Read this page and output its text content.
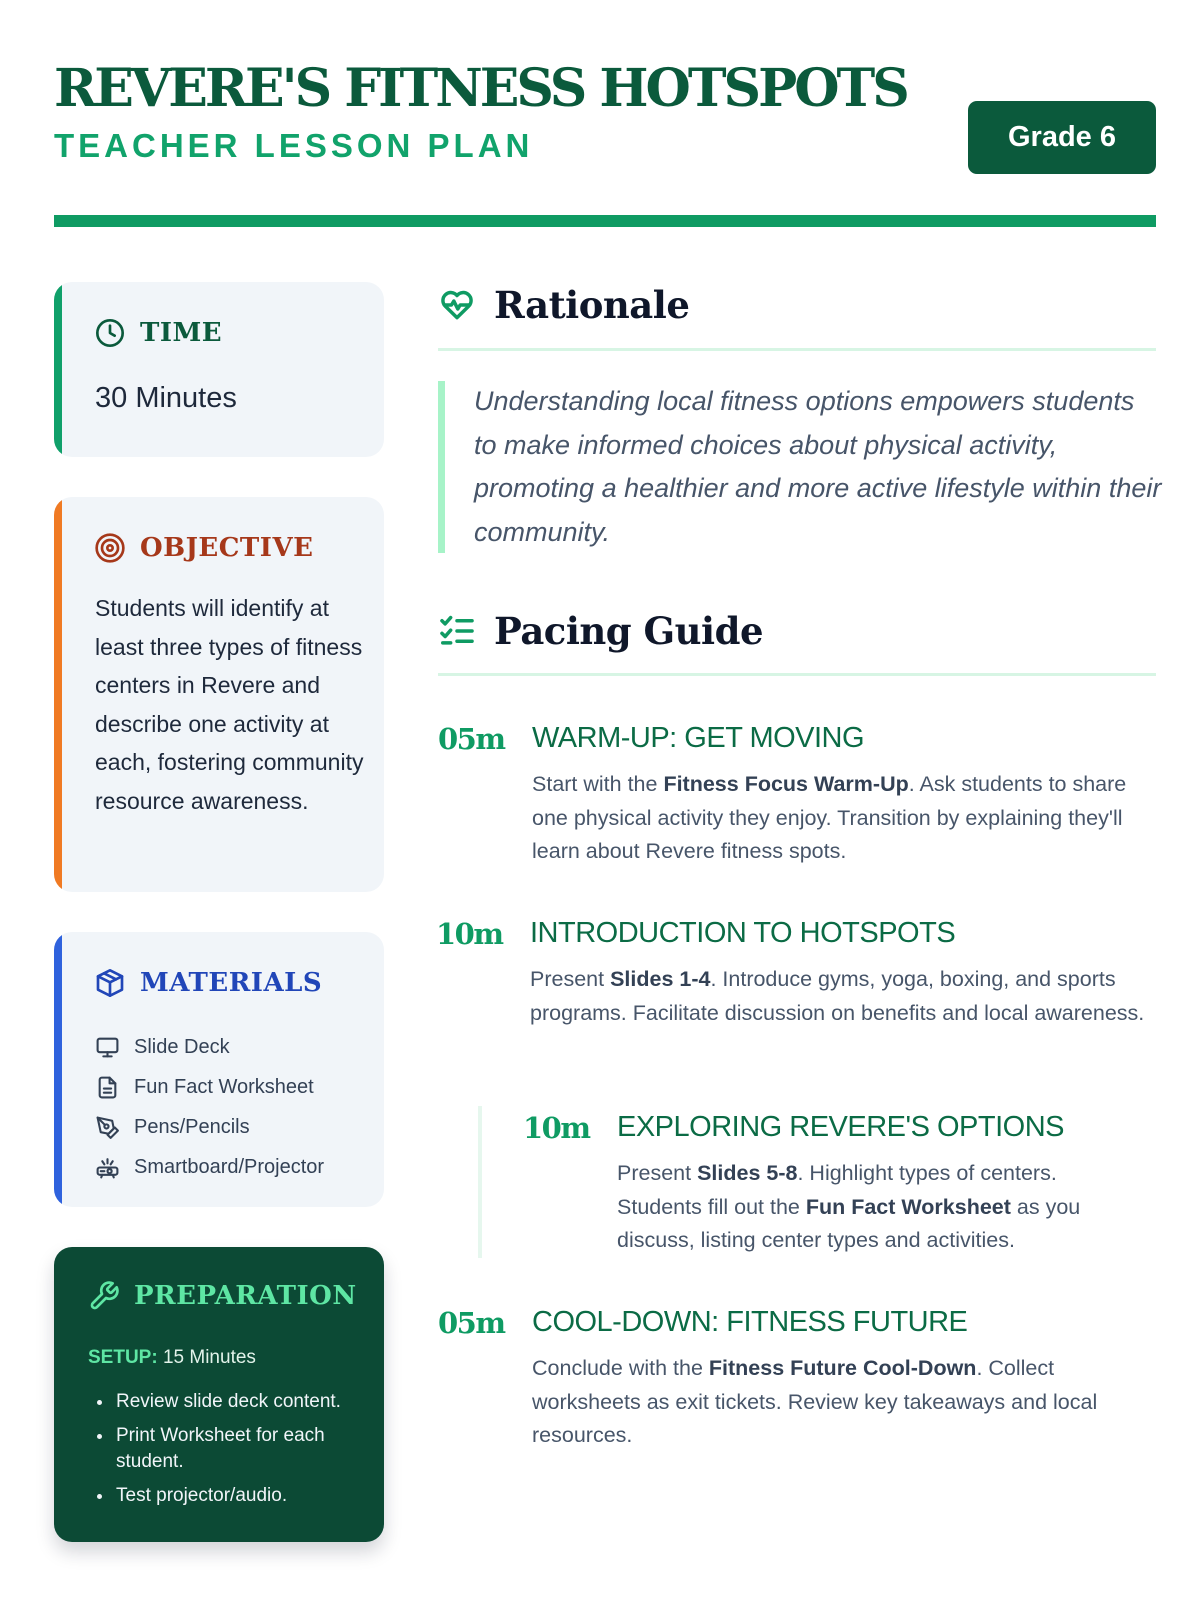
REVERE'S FITNESS HOTSPOTS
TEACHER LESSON PLAN	Grade 6
TIME
30 Minutes
OBJECTIVE
Students will identify at least three types of fitness centers in Revere and describe one activity at each, fostering community resource awareness.
MATERIALS
Slide Deck
Fun Fact Worksheet
Pens/Pencils
Smartboard/Projector
PREPARATION
SETUP: 15 Minutes
• Review slide deck content.
• Print Worksheet for each student.
• Test projector/audio.
Rationale
Understanding local fitness options empowers students to make informed choices about physical activity, promoting a healthier and more active lifestyle within their community.
Pacing Guide
05m WARM-UP: GET MOVING
Start with the Fitness Focus Warm-Up. Ask students to share one physical activity they enjoy. Transition by explaining they'll learn about Revere fitness spots.
10m INTRODUCTION TO HOTSPOTS
Present Slides 1-4. Introduce gyms, yoga, boxing, and sports programs. Facilitate discussion on benefits and local awareness.
10m EXPLORING REVERE'S OPTIONS
Present Slides 5-8. Highlight types of centers. Students fill out the Fun Fact Worksheet as you discuss, listing center types and activities.
05m COOL-DOWN: FITNESS FUTURE
Conclude with the Fitness Future Cool-Down. Collect worksheets as exit tickets. Review key takeaways and local resources.
